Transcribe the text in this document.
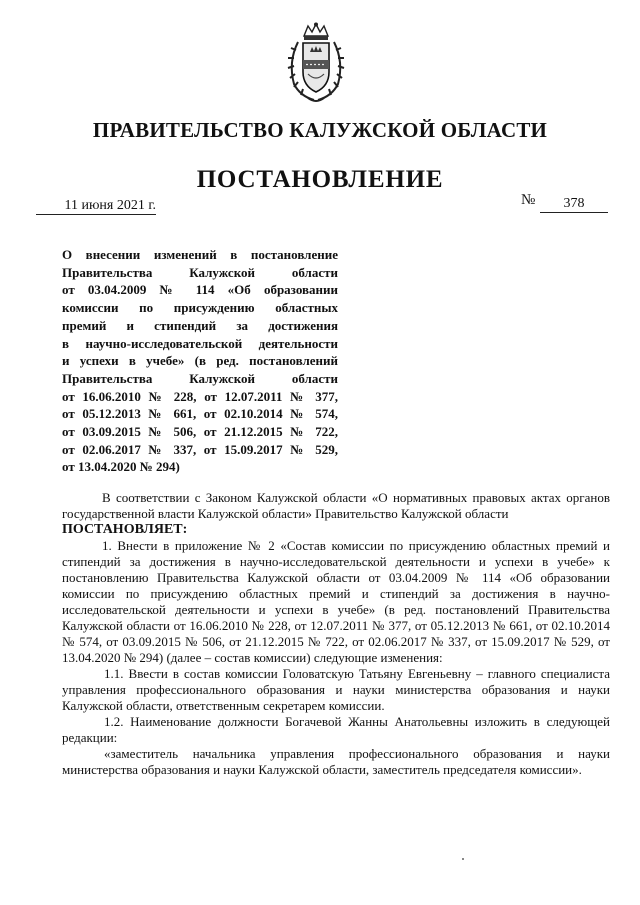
ПРАВИТЕЛЬСТВО КАЛУЖСКОЙ ОБЛАСТИ
ПОСТАНОВЛЕНИЕ
11 июня 2021 г.	№	378
О внесении изменений в постановление
Правительства Калужской области
от 03.04.2009 № 114 «Об образовании
комиссии по присуждению областных
премий и стипендий за достижения
в научно-исследовательской деятельности
и успехи в учебе» (в ред. постановлений
Правительства Калужской области
от 16.06.2010 № 228, от 12.07.2011 № 377,
от 05.12.2013 № 661, от 02.10.2014 № 574,
от 03.09.2015 № 506, от 21.12.2015 № 722,
от 02.06.2017 № 337, от 15.09.2017 № 529,
от 13.04.2020 № 294)

В соответствии с Законом Калужской области «О нормативных правовых актах органов государственной власти Калужской области» Правительство Калужской области

ПОСТАНОВЛЯЕТ:

1. Внести в приложение № 2 «Состав комиссии по присуждению областных премий и стипендий за достижения в научно-исследовательской деятельности и успехи в учебе» к постановлению Правительства Калужской области от 03.04.2009 № 114 «Об образовании комиссии по присуждению областных премий и стипендий за достижения в научно-исследовательской деятельности и успехи в учебе» (в ред. постановлений Правительства Калужской области от 16.06.2010 № 228, от 12.07.2011 № 377, от 05.12.2013 № 661, от 02.10.2014 № 574, от 03.09.2015 № 506, от 21.12.2015 № 722, от 02.06.2017 № 337, от 15.09.2017 № 529, от 13.04.2020 № 294) (далее – состав комиссии) следующие изменения:

1.1. Ввести в состав комиссии Головатскую Татьяну Евгеньевну – главного специалиста управления профессионального образования и науки министерства образования и науки Калужской области, ответственным секретарем комиссии.

1.2. Наименование должности Богачевой Жанны Анатольевны изложить в следующей редакции:

«заместитель начальника управления профессионального образования и науки министерства образования и науки Калужской области, заместитель председателя комиссии».
